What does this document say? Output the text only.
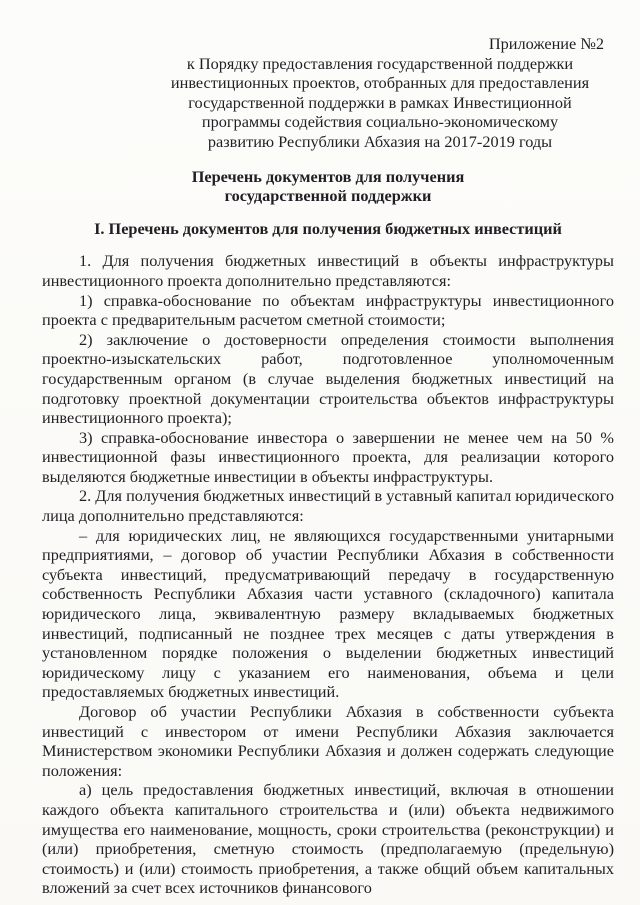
Приложение №2
к Порядку предоставления государственной поддержки
инвестиционных проектов, отобранных для предоставления
государственной поддержки в рамках Инвестиционной
программы содействия социально-экономическому
развитию Республики Абхазия на 2017-2019 годы
Перечень документов для получения
государственной поддержки
I. Перечень документов для получения бюджетных инвестиций

1. Для получения бюджетных инвестиций в объекты инфраструктуры инвестиционного проекта дополнительно представляются:

1) справка-обоснование по объектам инфраструктуры инвестиционного проекта с предварительным расчетом сметной стоимости;

2) заключение о достоверности определения стоимости выполнения проектно-изыскательских работ, подготовленное уполномоченным государственным органом (в случае выделения бюджетных инвестиций на подготовку проектной документации строительства объектов инфраструктуры инвестиционного проекта);

3) справка-обоснование инвестора о завершении не менее чем на 50 % инвестиционной фазы инвестиционного проекта, для реализации которого выделяются бюджетные инвестиции в объекты инфраструктуры.

2. Для получения бюджетных инвестиций в уставный капитал юридического лица дополнительно представляются:

– для юридических лиц, не являющихся государственными унитарными предприятиями, – договор об участии Республики Абхазия в собственности субъекта инвестиций, предусматривающий передачу в государственную собственность Республики Абхазия части уставного (складочного) капитала юридического лица, эквивалентную размеру вкладываемых бюджетных инвестиций, подписанный не позднее трех месяцев с даты утверждения в установленном порядке положения о выделении бюджетных инвестиций юридическому лицу с указанием его наименования, объема и цели предоставляемых бюджетных инвестиций.

Договор об участии Республики Абхазия в собственности субъекта инвестиций с инвестором от имени Республики Абхазия заключается Министерством экономики Республики Абхазия и должен содержать следующие положения:

а) цель предоставления бюджетных инвестиций, включая в отношении каждого объекта капитального строительства и (или) объекта недвижимого имущества его наименование, мощность, сроки строительства (реконструкции) и (или) приобретения, сметную стоимость (предполагаемую (предельную) стоимость) и (или) стоимость приобретения, а также общий объем капитальных вложений за счет всех источников финансового
